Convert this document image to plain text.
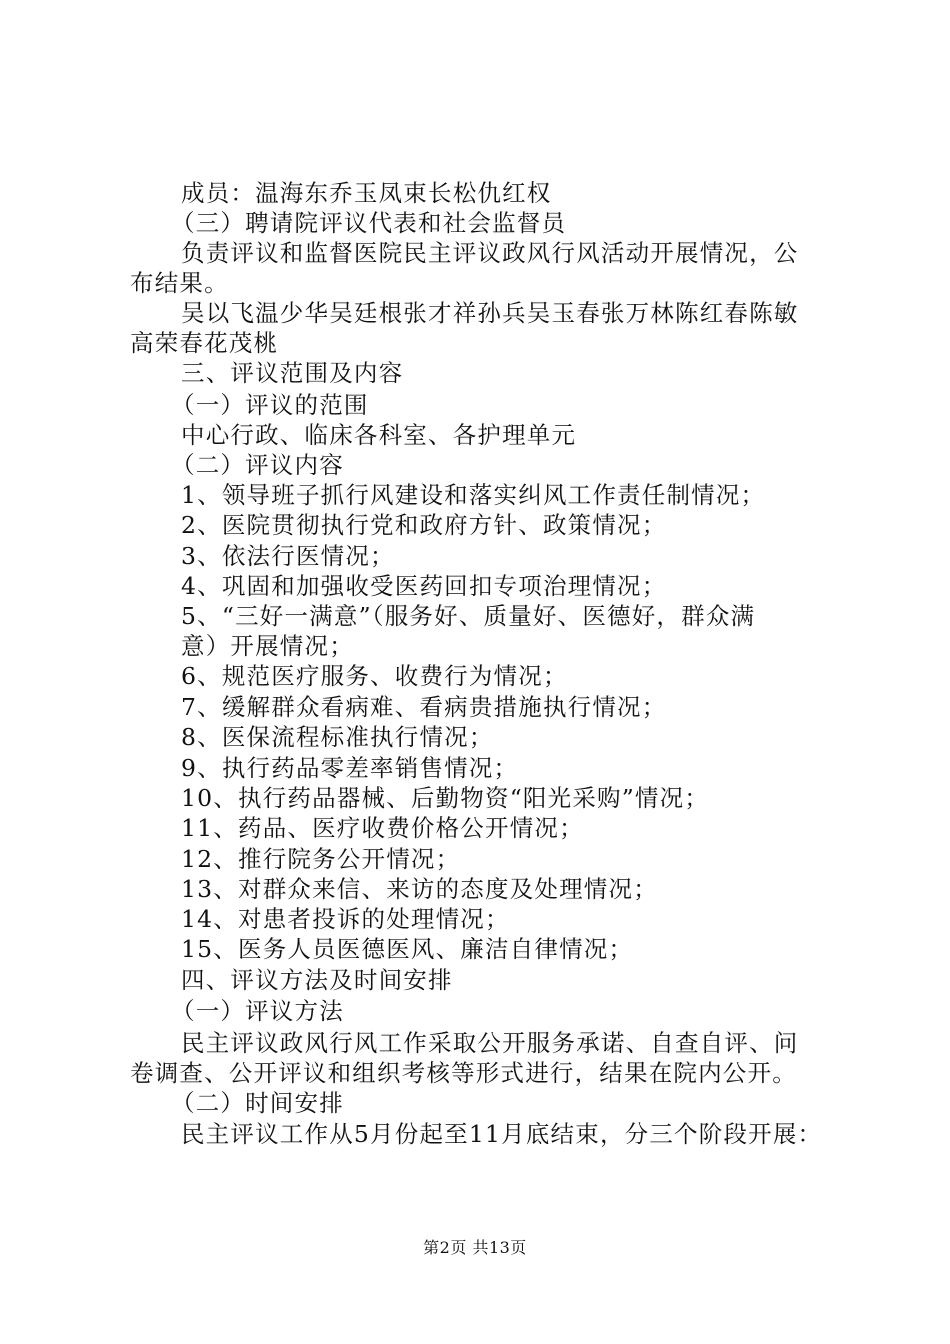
成员：温海东乔玉凤束长松仇红权
（三）聘请院评议代表和社会监督员
负责评议和监督医院民主评议政风行风活动开展情况，公
布结果。
吴以飞温少华吴廷根张才祥孙兵吴玉春张万林陈红春陈敏
高荣春花茂桃
三、评议范围及内容
（一）评议的范围
中心行政、临床各科室、各护理单元
（二）评议内容
1、领导班子抓行风建设和落实纠风工作责任制情况；
2、医院贯彻执行党和政府方针、政策情况；
3、依法行医情况；
4、巩固和加强收受医药回扣专项治理情况；
5、“三好一满意”（服务好、质量好、医德好，群众满
意）开展情况；
6、规范医疗服务、收费行为情况；
7、缓解群众看病难、看病贵措施执行情况；
8、医保流程标准执行情况；
9、执行药品零差率销售情况；
10、执行药品器械、后勤物资“阳光采购”情况；
11、药品、医疗收费价格公开情况；
12、推行院务公开情况；
13、对群众来信、来访的态度及处理情况；
14、对患者投诉的处理情况；
15、医务人员医德医风、廉洁自律情况；
四、评议方法及时间安排
（一）评议方法
民主评议政风行风工作采取公开服务承诺、自查自评、问
卷调查、公开评议和组织考核等形式进行，结果在院内公开。
（二）时间安排
民主评议工作从5月份起至11月底结束，分三个阶段开展：
第2页 共13页
